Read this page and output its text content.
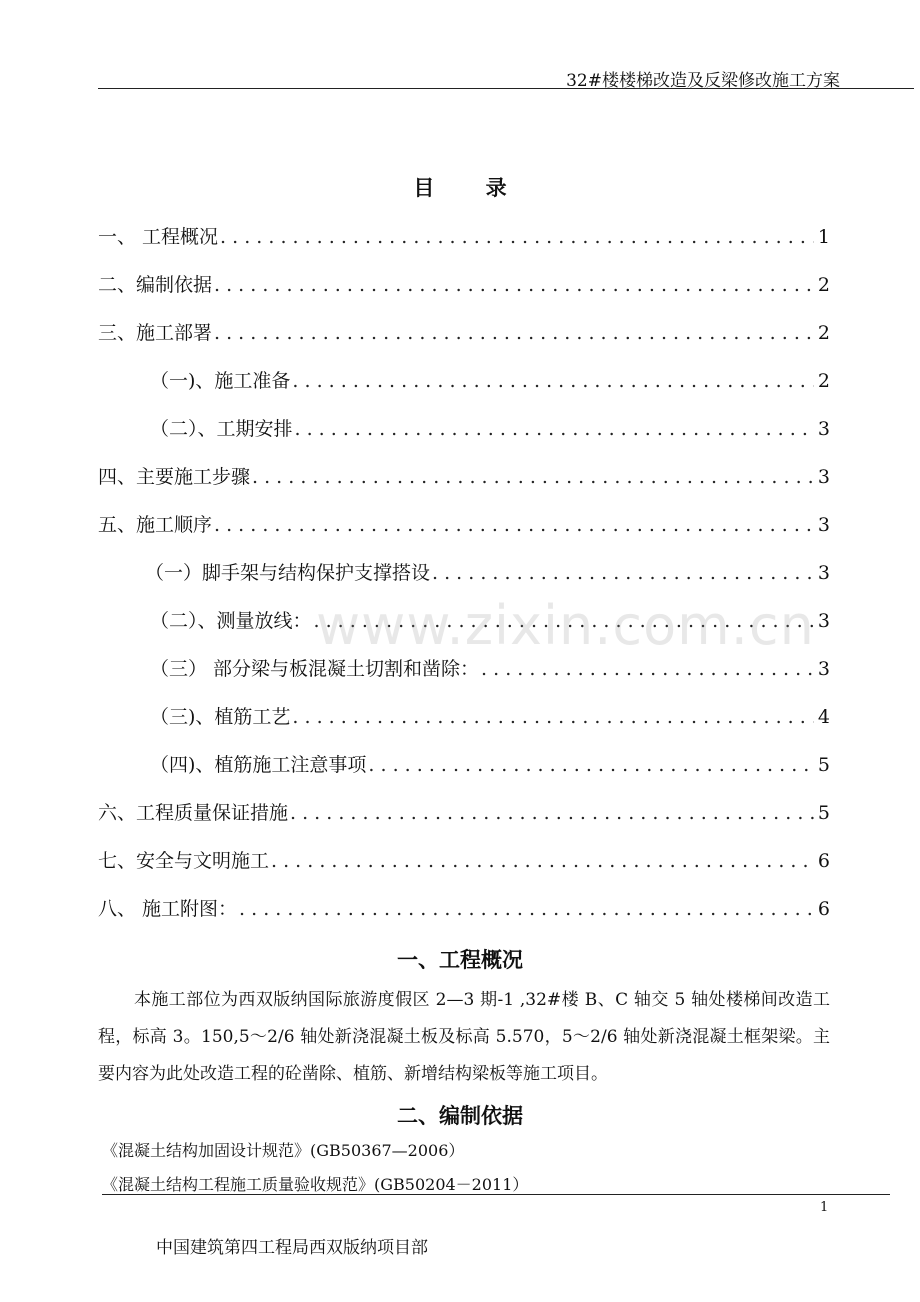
32#楼楼梯改造及反梁修改施工方案
目 录
一、 工程概况 . . .	1
二、编制依据 . . .	2
三、施工部署 . . .	2
（一)、施工准备 . . .	2
（二）、工期安排 . . .	3
四、主要施工步骤 . . .	3
五、施工顺序 . . .	3
（一）脚手架与结构保护支撑搭设 . . .	3
（二）、测量放线： . . .	3
（三） 部分梁与板混凝土切割和凿除： . . .	3
（三)、植筋工艺 . . .	4
（四)、植筋施工注意事项 . . .	5
六、工程质量保证措施 . . .	5
七、安全与文明施工 . . .	6
八、 施工附图： . . .	6
www.zixin.com.cn
一、工程概况
本施工部位为西双版纳国际旅游度假区 2—3 期-1 ,32#楼 B、C 轴交 5 轴处楼梯间改造工程，标高 3。150,5～2/6 轴处新浇混凝土板及标高 5.570，5～2/6 轴处新浇混凝土框架梁。主要内容为此处改造工程的砼凿除、植筋、新增结构梁板等施工项目。
二、编制依据
《混凝土结构加固设计规范》(GB50367—2006）
《混凝土结构工程施工质量验收规范》(GB50204－2011）
1
中国建筑第四工程局西双版纳项目部
